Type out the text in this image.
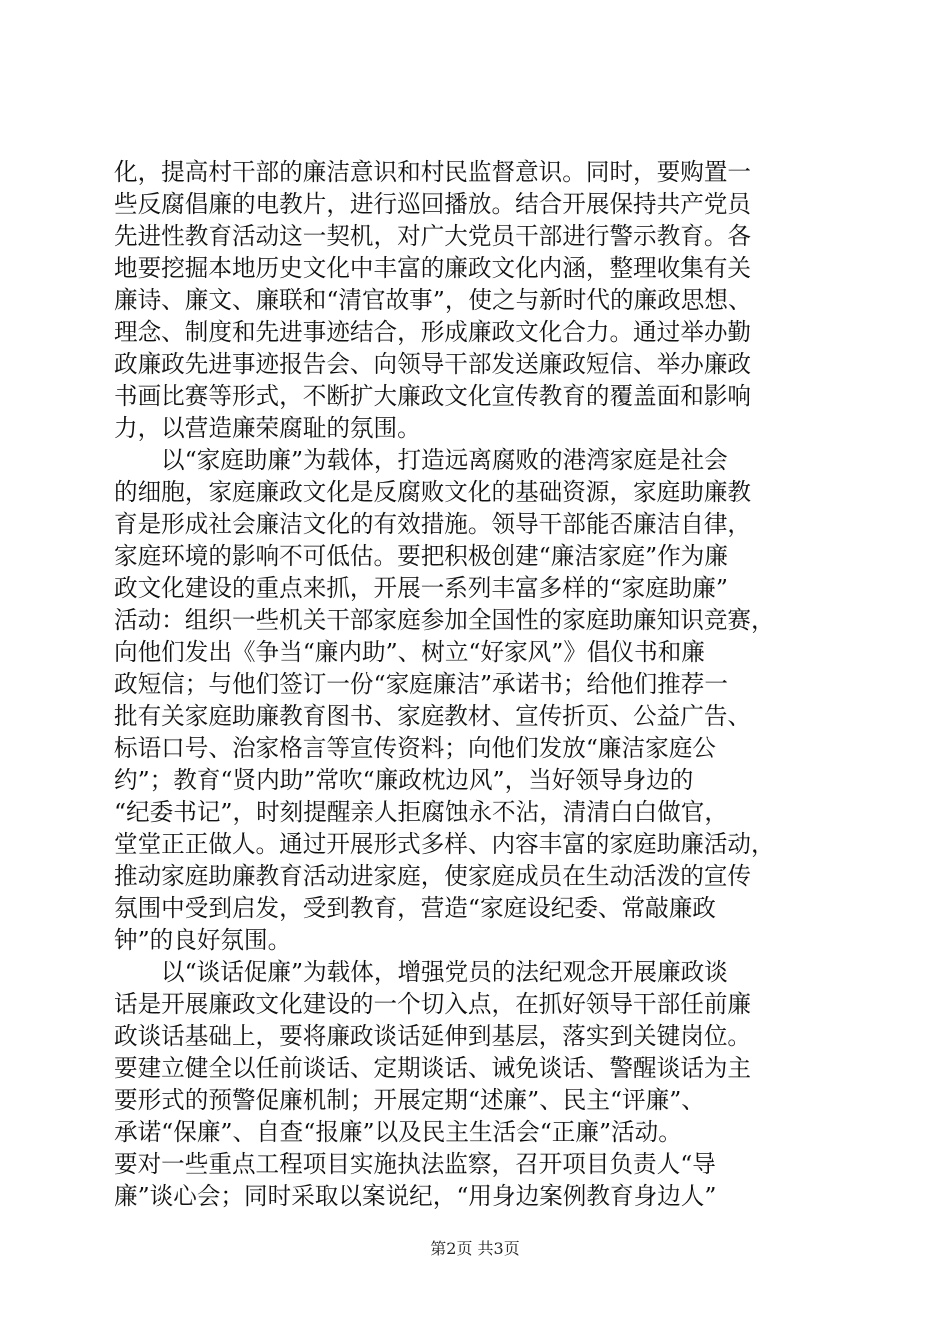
化，提高村干部的廉洁意识和村民监督意识。同时，要购置一
些反腐倡廉的电教片，进行巡回播放。结合开展保持共产党员
先进性教育活动这一契机，对广大党员干部进行警示教育。各
地要挖掘本地历史文化中丰富的廉政文化内涵，整理收集有关
廉诗、廉文、廉联和“清官故事”，使之与新时代的廉政思想、
理念、制度和先进事迹结合，形成廉政文化合力。通过举办勤
政廉政先进事迹报告会、向领导干部发送廉政短信、举办廉政
书画比赛等形式，不断扩大廉政文化宣传教育的覆盖面和影响
力，以营造廉荣腐耻的氛围。
以“家庭助廉”为载体，打造远离腐败的港湾家庭是社会
的细胞，家庭廉政文化是反腐败文化的基础资源，家庭助廉教
育是形成社会廉洁文化的有效措施。领导干部能否廉洁自律，
家庭环境的影响不可低估。要把积极创建“廉洁家庭”作为廉
政文化建设的重点来抓，开展一系列丰富多样的“家庭助廉”
活动：组织一些机关干部家庭参加全国性的家庭助廉知识竞赛，
向他们发出《争当“廉内助”、树立“好家风”》倡仪书和廉
政短信；与他们签订一份“家庭廉洁”承诺书；给他们推荐一
批有关家庭助廉教育图书、家庭教材、宣传折页、公益广告、
标语口号、治家格言等宣传资料；向他们发放“廉洁家庭公
约”；教育“贤内助”常吹“廉政枕边风”，当好领导身边的
“纪委书记”，时刻提醒亲人拒腐蚀永不沾，清清白白做官，
堂堂正正做人。通过开展形式多样、内容丰富的家庭助廉活动，
推动家庭助廉教育活动进家庭，使家庭成员在生动活泼的宣传
氛围中受到启发，受到教育，营造“家庭设纪委、常敲廉政
钟”的良好氛围。
以“谈话促廉”为载体，增强党员的法纪观念开展廉政谈
话是开展廉政文化建设的一个切入点，在抓好领导干部任前廉
政谈话基础上，要将廉政谈话延伸到基层，落实到关键岗位。
要建立健全以任前谈话、定期谈话、诫免谈话、警醒谈话为主
要形式的预警促廉机制；开展定期“述廉”、民主“评廉”、
承诺“保廉”、自查“报廉”以及民主生活会“正廉”活动。
要对一些重点工程项目实施执法监察，召开项目负责人“导
廉”谈心会；同时采取以案说纪，“用身边案例教育身边人”
第2页 共3页
